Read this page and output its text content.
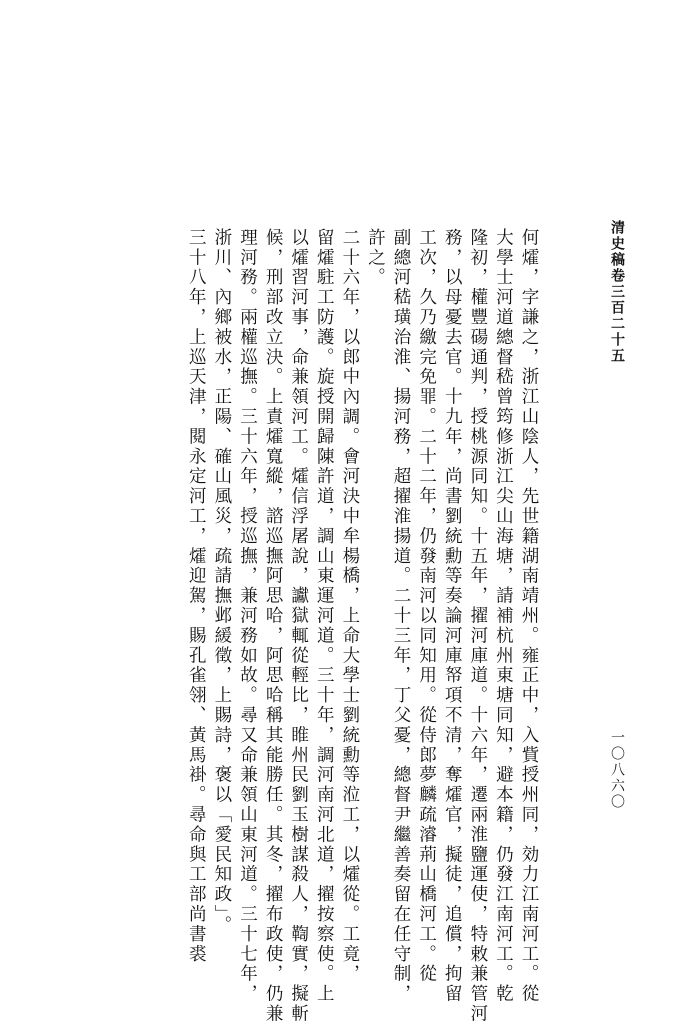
清史稿卷三百二十五
一〇八六〇

何㸌，字謙之，浙江山陰人，先世籍湖南靖州。雍正中，入貲授州同，効力江南河工。從
大學士河道總督嵇曾筠修浙江尖山海塘，請補杭州東塘同知，避本籍，仍發江南河工。乾
隆初，權豐碭通判，授桃源同知。十五年，擢河庫道。十六年，遷兩淮鹽運使，特敕兼管河
務，以母憂去官。十九年，尚書劉統勳等奏論河庫帑項不清，奪㸌官，擬徒，追償，拘留
工次，久乃繳完免罪。二十二年，仍發南河以同知用。從侍郎夢麟疏濬荊山橋河工。從
副總河嵇璜治淮、揚河務，超擢淮揚道。二十三年，丁父憂，總督尹繼善奏留在任守制，
許之。

二十六年，以郎中內調。會河決中牟楊橋，上命大學士劉統勳等涖工，以㸌從。工竟，
留㸌駐工防護。旋授開歸陳許道，調山東運河道。三十年，調河南河北道，擢按察使。上
以㸌習河事，命兼領河工。㸌信浮屠說，讞獄輒從輕比，睢州民劉玉樹謀殺人，鞫實，擬斬
候，刑部改立決。上責㸌寬縱，諮巡撫阿思哈，阿思哈稱其能勝任。其冬，擢布政使，仍兼
理河務。兩權巡撫。三十六年，授巡撫，兼河務如故。尋又命兼領山東河道。三十七年，
浙川、內鄉被水，正陽、確山風災，疏請撫邺緩徵，上賜詩，褒以「愛民知政」。
三十八年，上巡天津，閱永定河工，㸌迎駕，賜孔雀翎、黃馬褂。尋命與工部尚書裘
